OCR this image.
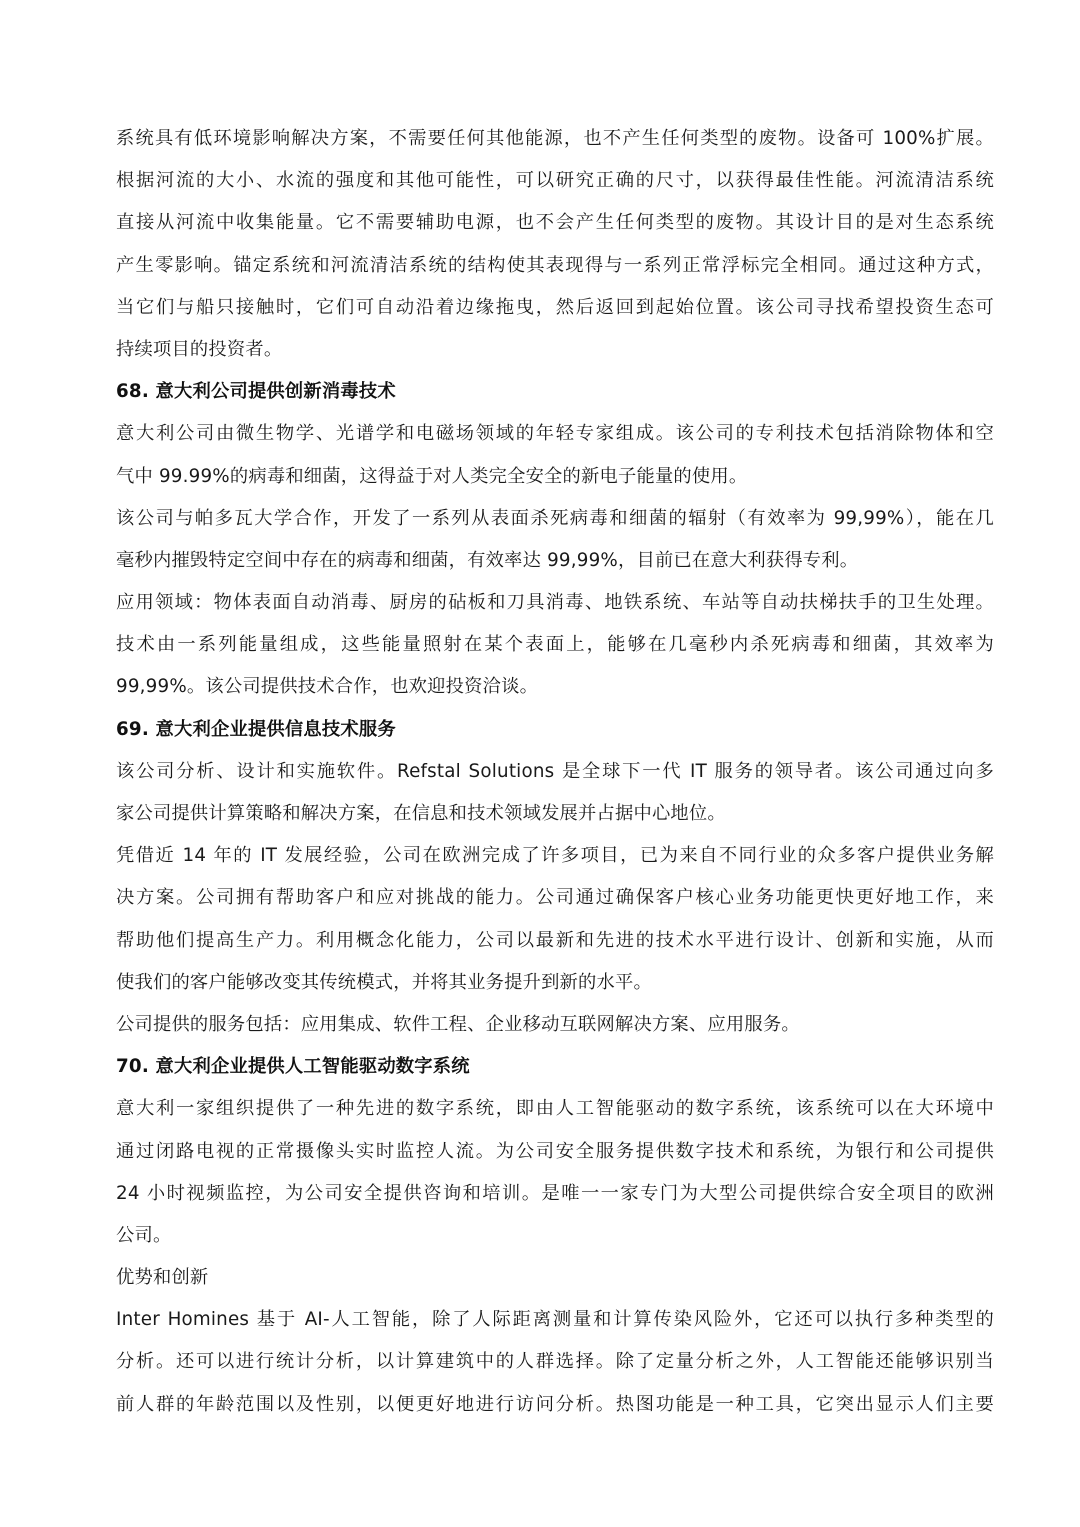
系统具有低环境影响解决方案，不需要任何其他能源，也不产生任何类型的废物。设备可 100%扩展。
根据河流的大小、水流的强度和其他可能性，可以研究正确的尺寸，以获得最佳性能。河流清洁系统
直接从河流中收集能量。它不需要辅助电源，也不会产生任何类型的废物。其设计目的是对生态系统
产生零影响。锚定系统和河流清洁系统的结构使其表现得与一系列正常浮标完全相同。通过这种方式，
当它们与船只接触时，它们可自动沿着边缘拖曳，然后返回到起始位置。该公司寻找希望投资生态可
持续项目的投资者。
68. 意大利公司提供创新消毒技术
意大利公司由微生物学、光谱学和电磁场领域的年轻专家组成。该公司的专利技术包括消除物体和空
气中 99.99%的病毒和细菌，这得益于对人类完全安全的新电子能量的使用。
该公司与帕多瓦大学合作，开发了一系列从表面杀死病毒和细菌的辐射（有效率为 99,99%），能在几
毫秒内摧毁特定空间中存在的病毒和细菌，有效率达 99,99%，目前已在意大利获得专利。
应用领域：物体表面自动消毒、厨房的砧板和刀具消毒、地铁系统、车站等自动扶梯扶手的卫生处理。
技术由一系列能量组成，这些能量照射在某个表面上，能够在几毫秒内杀死病毒和细菌，其效率为
99,99%。该公司提供技术合作，也欢迎投资洽谈。
69. 意大利企业提供信息技术服务
该公司分析、设计和实施软件。Refstal Solutions 是全球下一代 IT 服务的领导者。该公司通过向多
家公司提供计算策略和解决方案，在信息和技术领域发展并占据中心地位。
凭借近 14 年的 IT 发展经验，公司在欧洲完成了许多项目，已为来自不同行业的众多客户提供业务解
决方案。公司拥有帮助客户和应对挑战的能力。公司通过确保客户核心业务功能更快更好地工作，来
帮助他们提高生产力。利用概念化能力，公司以最新和先进的技术水平进行设计、创新和实施，从而
使我们的客户能够改变其传统模式，并将其业务提升到新的水平。
公司提供的服务包括：应用集成、软件工程、企业移动互联网解决方案、应用服务。
70. 意大利企业提供人工智能驱动数字系统
意大利一家组织提供了一种先进的数字系统，即由人工智能驱动的数字系统，该系统可以在大环境中
通过闭路电视的正常摄像头实时监控人流。为公司安全服务提供数字技术和系统，为银行和公司提供
24 小时视频监控，为公司安全提供咨询和培训。是唯一一家专门为大型公司提供综合安全项目的欧洲
公司。
优势和创新
Inter Homines 基于 AI-人工智能，除了人际距离测量和计算传染风险外，它还可以执行多种类型的
分析。还可以进行统计分析，以计算建筑中的人群选择。除了定量分析之外，人工智能还能够识别当
前人群的年龄范围以及性别，以便更好地进行访问分析。热图功能是一种工具，它突出显示人们主要
